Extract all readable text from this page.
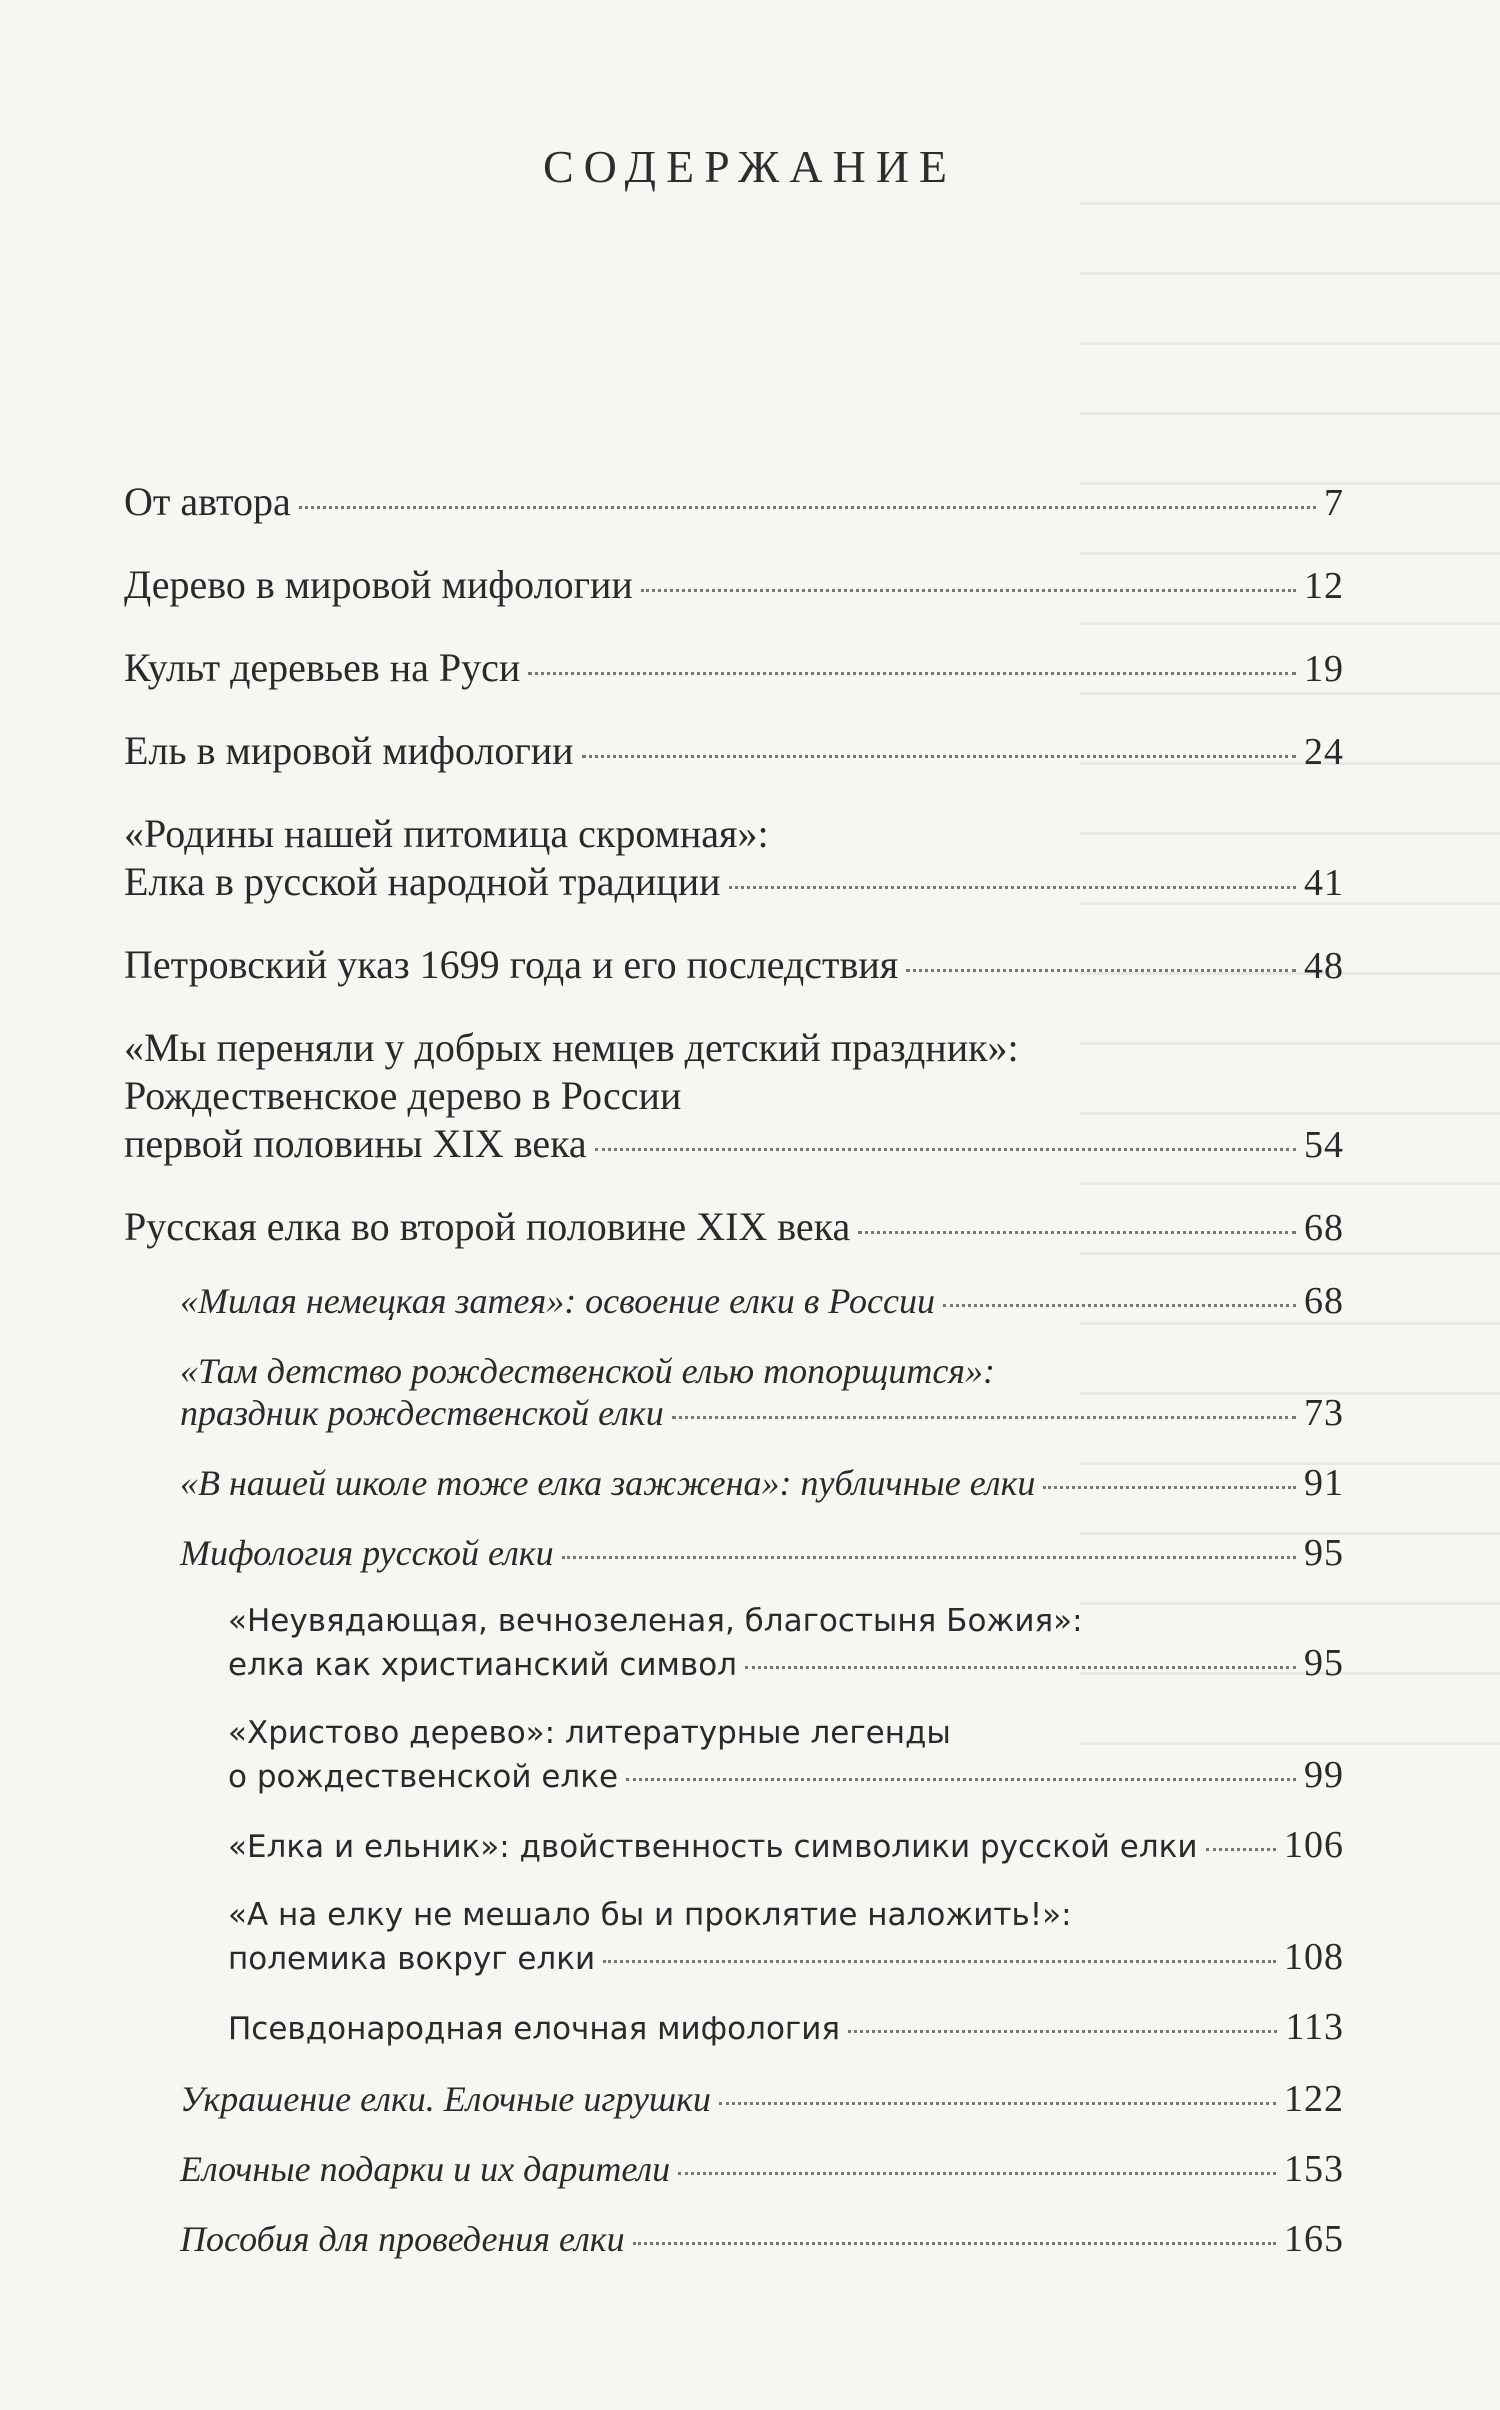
СОДЕРЖАНИЕ
От автора	7
Дерево в мировой мифологии	12
Культ деревьев на Руси	19
Ель в мировой мифологии	24
«Родины нашей питомица скромная»:
Елка в русской народной традиции	41
Петровский указ 1699 года и его последствия	48
«Мы переняли у добрых немцев детский праздник»:
Рождественское дерево в России
первой половины XIX века	54
Русская елка во второй половине XIX века	68
«Милая немецкая затея»: освоение елки в России	68
«Там детство рождественской елью топорщится»:
праздник рождественской елки	73
«В нашей школе тоже елка зажжена»: публичные елки	91
Мифология русской елки	95
«Неувядающая, вечнозеленая, благостыня Божия»:
елка как христианский символ	95
«Христово дерево»: литературные легенды
о рождественской елке	99
«Елка и ельник»: двойственность символики русской елки 106
«А на елку не мешало бы и проклятие наложить!»:
полемика вокруг елки	108
Псевдонародная елочная мифология	113
Украшение елки. Елочные игрушки	122
Елочные подарки и их дарители	153
Пособия для проведения елки	165
